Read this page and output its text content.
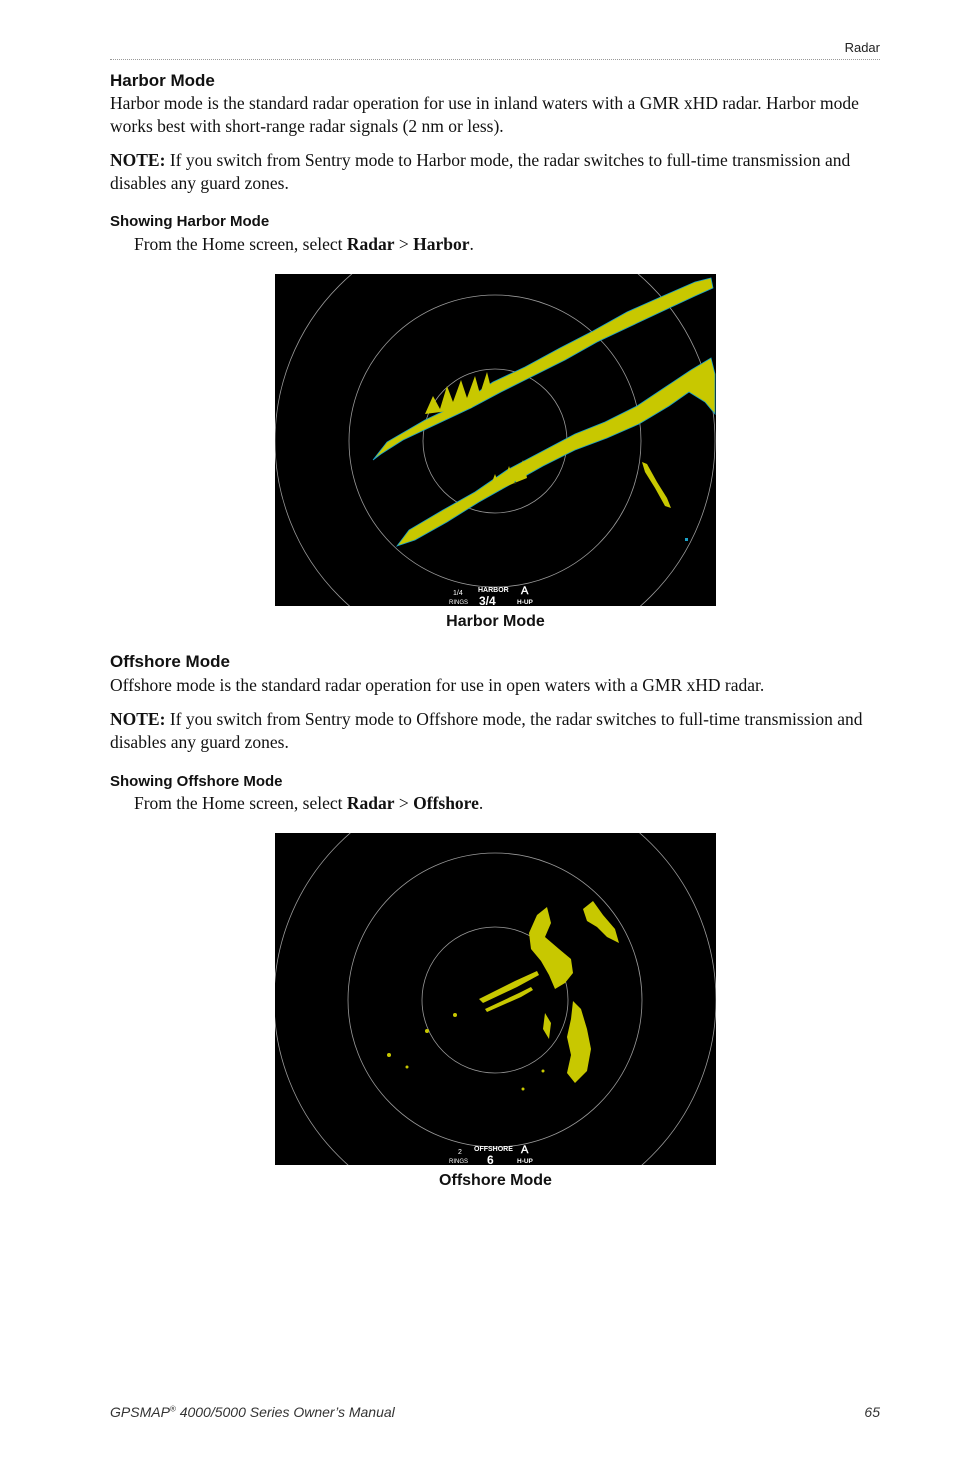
Radar
Harbor Mode

Harbor mode is the standard radar operation for use in inland waters with a GMR xHD radar. Harbor mode works best with short-range radar signals (2 nm or less).

NOTE: If you switch from Sentry mode to Harbor mode, the radar switches to full-time transmission and disables any guard zones.

Showing Harbor Mode

From the Home screen, select Radar > Harbor.

1/4
RINGS
HARBOR
3/4	H-UP
A
Harbor Mode
Offshore Mode

Offshore mode is the standard radar operation for use in open waters with a GMR xHD radar.

NOTE: If you switch from Sentry mode to Offshore mode, the radar switches to full-time transmission and disables any guard zones.

Showing Offshore Mode

From the Home screen, select Radar > Offshore.

2
RINGS
OFFSHORE
6	H-UP
A
Offshore Mode
GPSMAP® 4000/5000 Series Owner’s Manual	65
